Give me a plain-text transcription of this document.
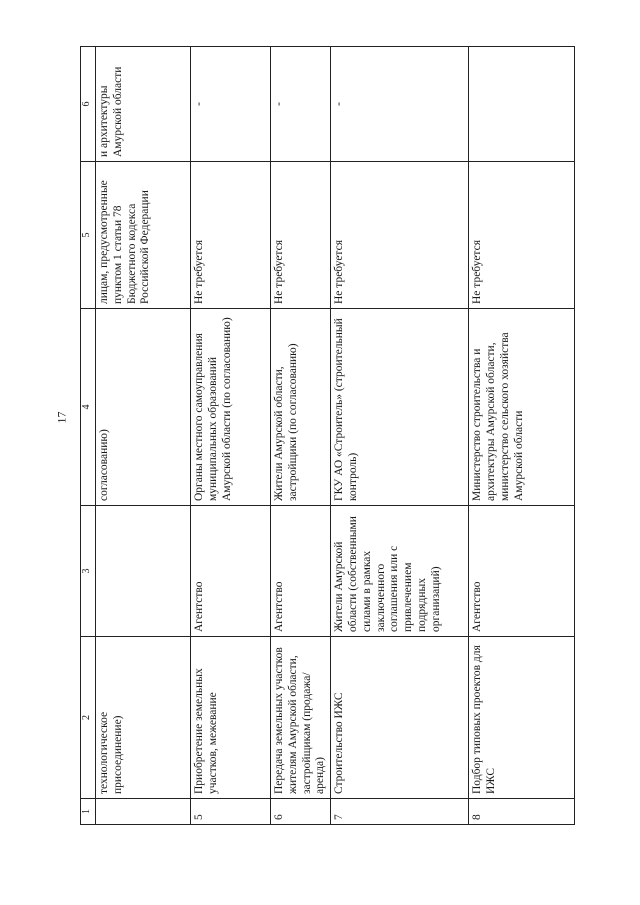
17
1	2	3	4	5	6
	технологическое присоединение)		согласованию)	лицам, предусмотренные пунктом 1 статьи 78 Бюджетного кодекса Российской Федерации	и архитектуры Амурской области
5	Приобретение земельных участков, межевание	Агентство	Органы местного самоуправления муниципальных образований Амурской области (по согласованию)	Не требуется	-
6	Передача земельных участков жителям Амурской области, застройщикам (продажа/аренда)	Агентство	Жители Амурской области, застройщики (по согласованию)	Не требуется	-
7	Строительство ИЖС	Жители Амурской области (собственными силами в рамках заключенного соглашения или с привлечением подрядных организаций)	ГКУ АО «Строитель» (строительный контроль)	Не требуется	-
8	Подбор типовых проектов для ИЖС	Агентство	Министерство строительства и архитектуры Амурской области, министерство сельского хозяйства Амурской области	Не требуется	
